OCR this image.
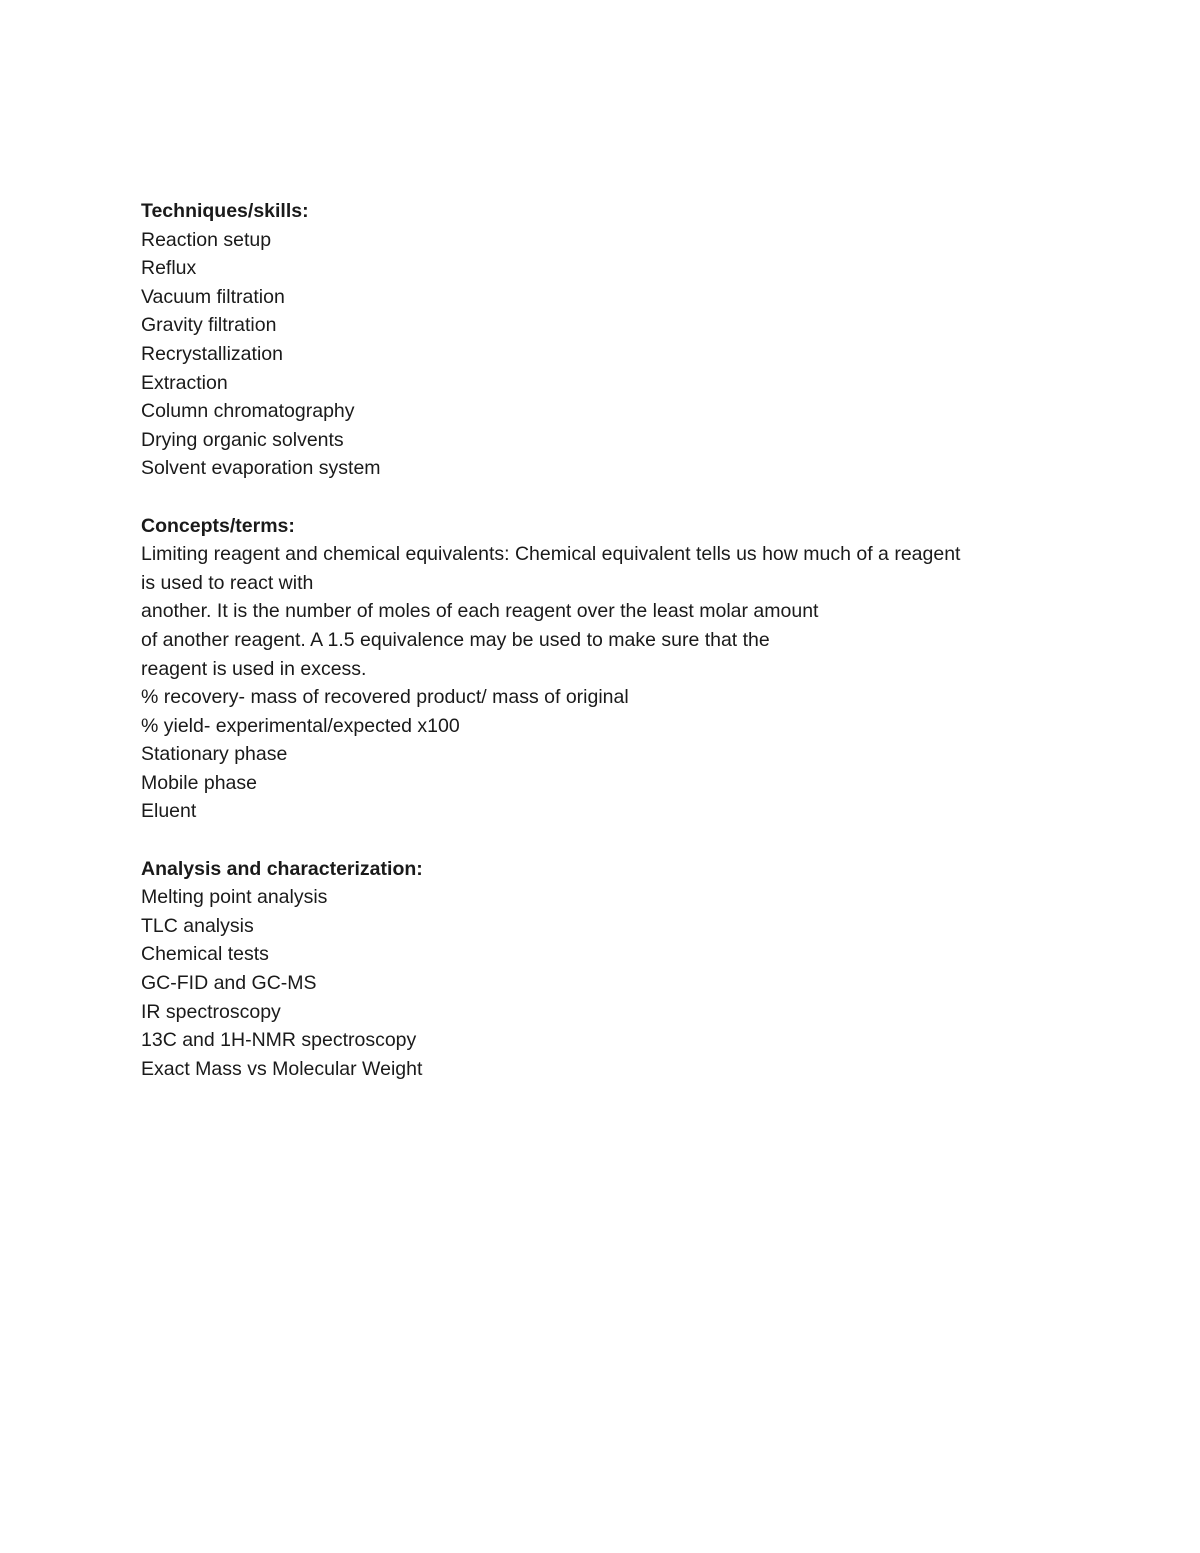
Techniques/skills:

Reaction setup

Reflux

Vacuum filtration

Gravity filtration

Recrystallization

Extraction

Column chromatography

Drying organic solvents

Solvent evaporation system

Concepts/terms:

Limiting reagent and chemical equivalents: Chemical equivalent tells us how much of a reagent

is used to react with

another. It is the number of moles of each reagent over the least molar amount

of another reagent. A 1.5 equivalence may be used to make sure that the

reagent is used in excess.

% recovery- mass of recovered product/ mass of original

% yield- experimental/expected x100

Stationary phase

Mobile phase

Eluent

Analysis and characterization:

Melting point analysis

TLC analysis

Chemical tests

GC-FID and GC-MS

IR spectroscopy

13C and 1H-NMR spectroscopy

Exact Mass vs Molecular Weight
